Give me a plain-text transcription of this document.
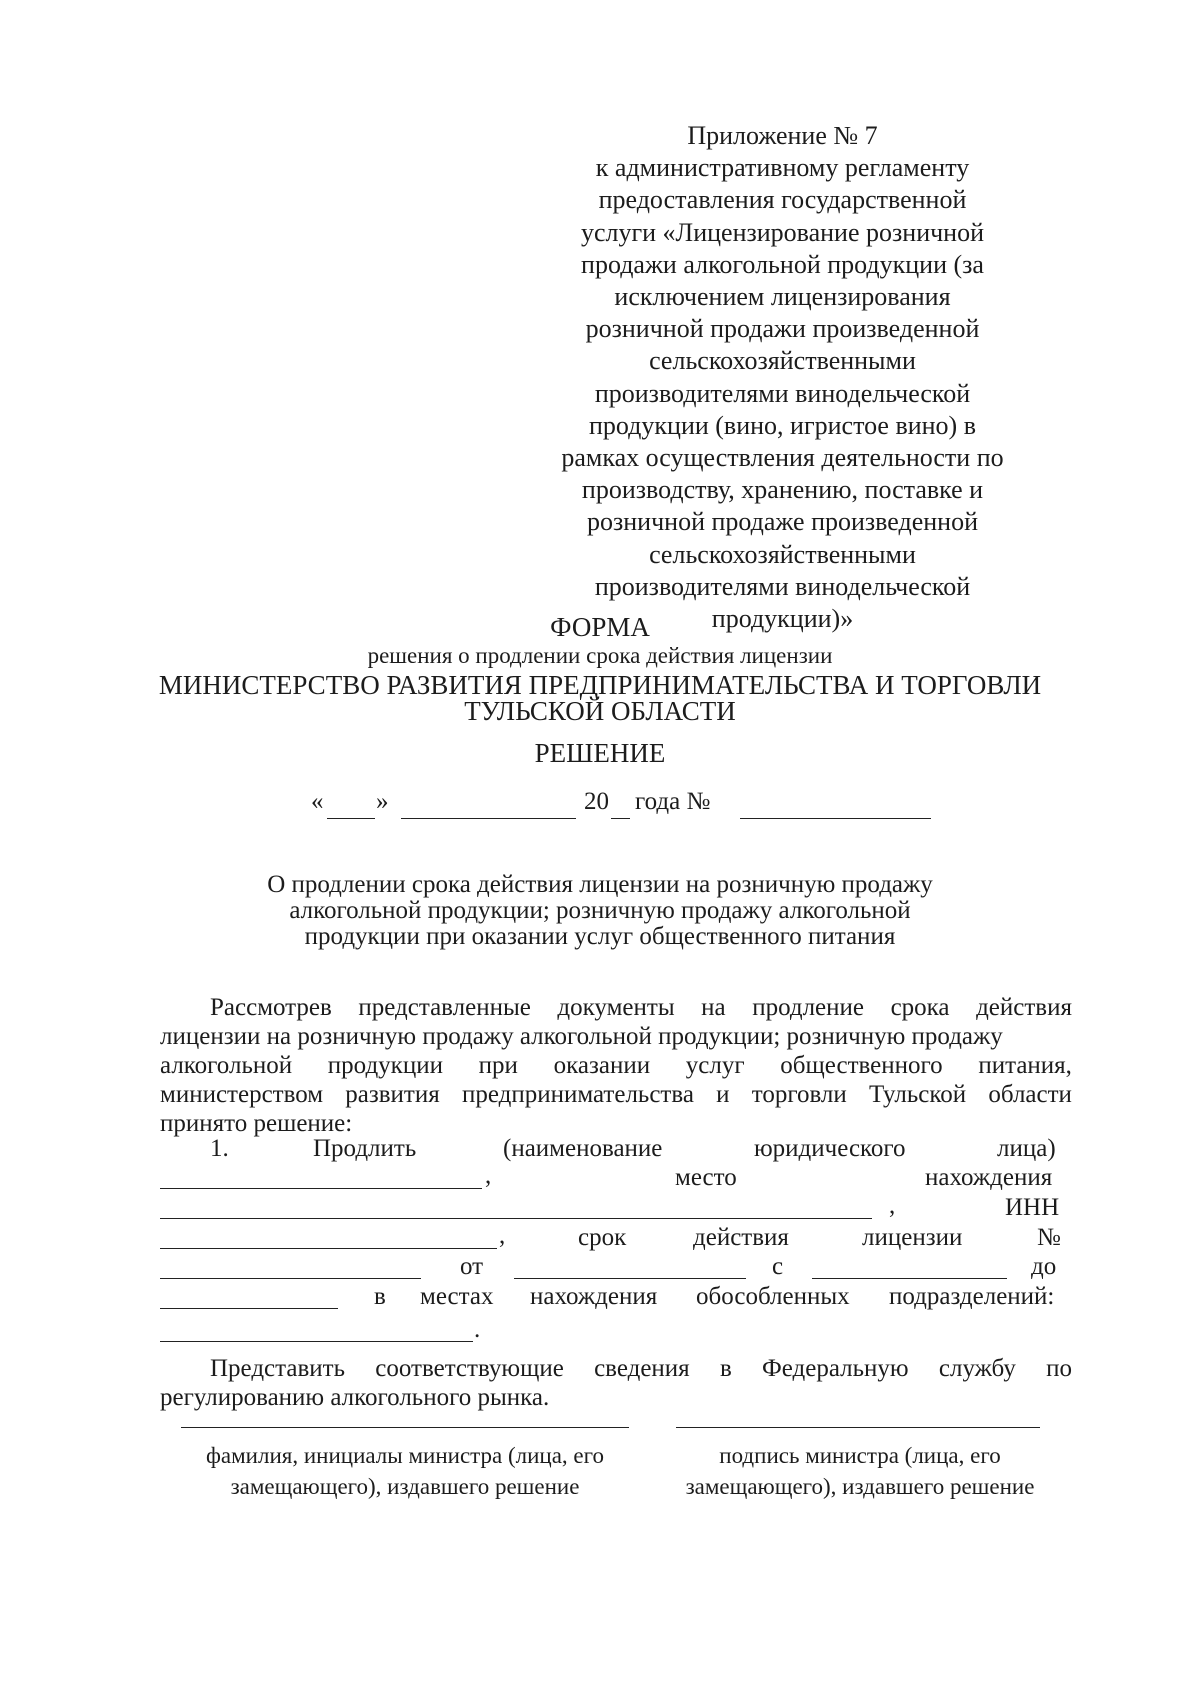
Приложение № 7
к административному регламенту
предоставления государственной
услуги «Лицензирование розничной
продажи алкогольной продукции (за
исключением лицензирования
розничной продажи произведенной
сельскохозяйственными
производителями винодельческой
продукции (вино, игристое вино) в
рамках осуществления деятельности по
производству, хранению, поставке и
розничной продаже произведенной
сельскохозяйственными
производителями винодельческой
продукции)»
ФОРМА
решения о продлении срока действия лицензии
МИНИСТЕРСТВО РАЗВИТИЯ ПРЕДПРИНИМАТЕЛЬСТВА И ТОРГОВЛИ
ТУЛЬСКОЙ ОБЛАСТИ
РЕШЕНИЕ
« »	20 года №
О продлении срока действия лицензии на розничную продажу
алкогольной продукции; розничную продажу алкогольной
продукции при оказании услуг общественного питания
Рассмотрев представленные документы на продление срока действия
лицензии на розничную продажу алкогольной продукции; розничную продажу
алкогольной продукции при оказании услуг общественного питания,
министерством развития предпринимательства и торговли Тульской области
принято решение:
1.	Продлить	(наименование	юридического	лица)
,	место	нахождения
,	ИНН
,	срок	действия	лицензии	№
от	с	до
в местах нахождения обособленных подразделений:
.
Представить соответствующие сведения в Федеральную службу по
регулированию алкогольного рынка.
фамилия, инициалы министра (лица, его
замещающего), издавшего решение
подпись министра (лица, его
замещающего), издавшего решение
